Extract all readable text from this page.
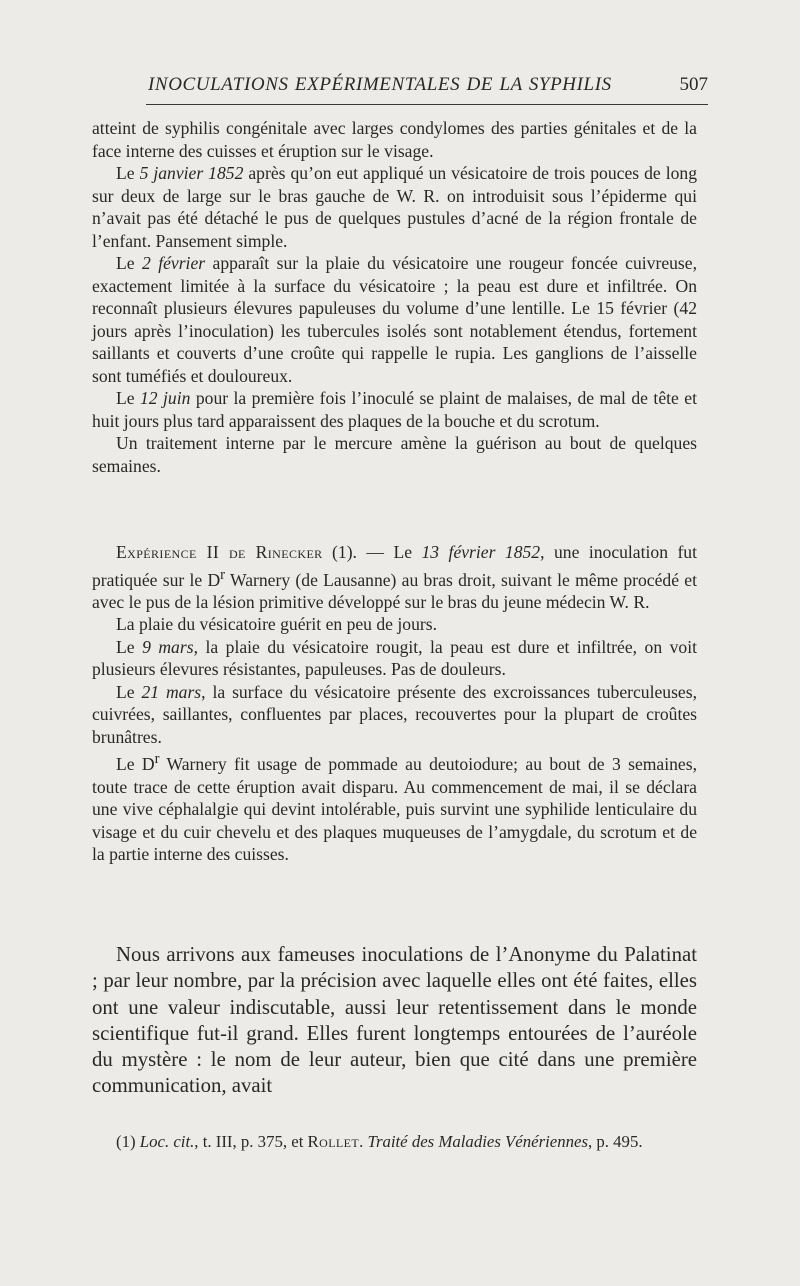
INOCULATIONS EXPÉRIMENTALES DE LA SYPHILIS	507

atteint de syphilis congénitale avec larges condylomes des parties génitales et de la face interne des cuisses et éruption sur le visage.

Le 5 janvier 1852 après qu’on eut appliqué un vésicatoire de trois pouces de long sur deux de large sur le bras gauche de W. R. on introduisit sous l’épiderme qui n’avait pas été détaché le pus de quelques pustules d’acné de la région frontale de l’enfant. Pansement simple.

Le 2 février apparaît sur la plaie du vésicatoire une rougeur foncée cuivreuse, exactement limitée à la surface du vésicatoire ; la peau est dure et infiltrée. On reconnaît plusieurs élevures papuleuses du volume d’une lentille. Le 15 février (42 jours après l’inoculation) les tubercules isolés sont notablement étendus, fortement saillants et couverts d’une croûte qui rappelle le rupia. Les ganglions de l’aisselle sont tuméfiés et douloureux.

Le 12 juin pour la première fois l’inoculé se plaint de malaises, de mal de tête et huit jours plus tard apparaissent des plaques de la bouche et du scrotum.

Un traitement interne par le mercure amène la guérison au bout de quelques semaines.

Expérience II de Rinecker (1). — Le 13 février 1852, une inoculation fut pratiquée sur le $D^r$ Warnery (de Lausanne) au bras droit, suivant le même procédé et avec le pus de la lésion primitive développé sur le bras du jeune médecin W. R.

La plaie du vésicatoire guérit en peu de jours.

Le 9 mars, la plaie du vésicatoire rougit, la peau est dure et infiltrée, on voit plusieurs élevures résistantes, papuleuses. Pas de douleurs.

Le 21 mars, la surface du vésicatoire présente des excroissances tuberculeuses, cuivrées, saillantes, confluentes par places, recouvertes pour la plupart de croûtes brunâtres.

Le $D^r$ Warnery fit usage de pommade au deutoiodure; au bout de 3 semaines, toute trace de cette éruption avait disparu. Au commencement de mai, il se déclara une vive céphalalgie qui devint intolérable, puis survint une syphilide lenticulaire du visage et du cuir chevelu et des plaques muqueuses de l’amygdale, du scrotum et de la partie interne des cuisses.

Nous arrivons aux fameuses inoculations de l’Anonyme du Palatinat ; par leur nombre, par la précision avec laquelle elles ont été faites, elles ont une valeur indiscutable, aussi leur retentissement dans le monde scientifique fut-il grand. Elles furent longtemps entourées de l’auréole du mystère : le nom de leur auteur, bien que cité dans une première communication, avait

(1) Loc. cit., t. III, p. 375, et Rollet. Traité des Maladies Vénériennes, p. 495.
